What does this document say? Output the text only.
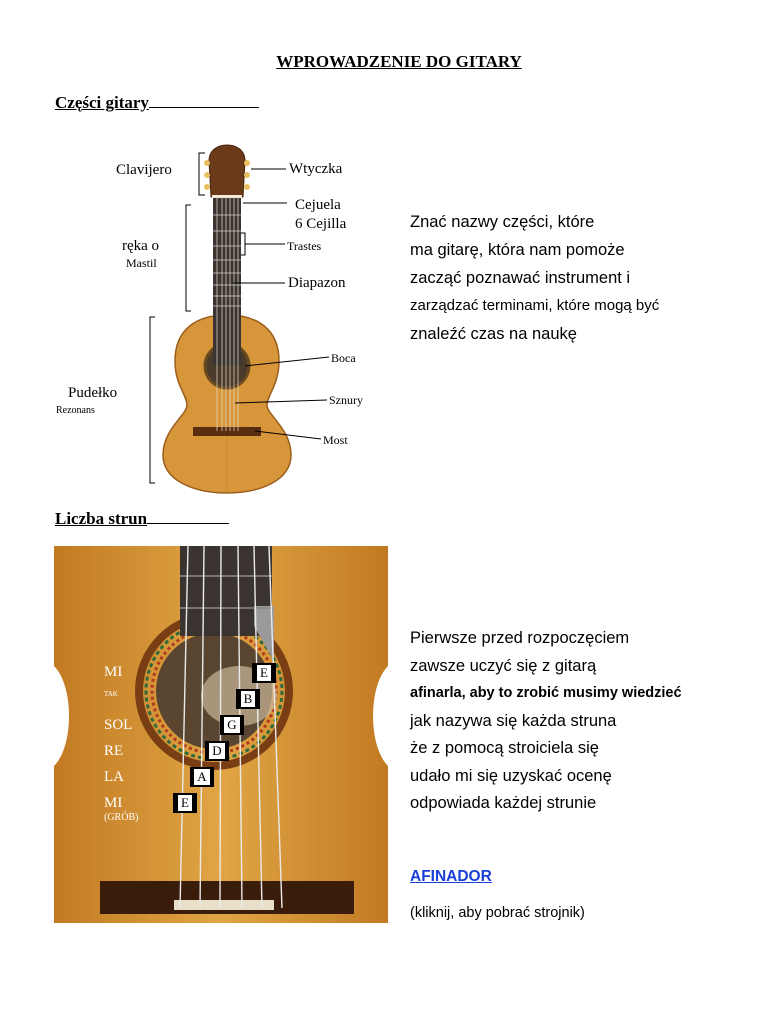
WPROWADZENIE DO GITARY
Części gitary
Clavijero	Wtyczka
Cejuela
6 Cejilla
ręka o
Mastil
Trastes
Diapazon
Boca
Pudełko
Rezonans
Sznury
Most
Znać nazwy części, które
ma gitarę, która nam pomoże
zacząć poznawać instrument i
zarządzać terminami, które mogą być
znaleźć czas na naukę
Liczba strun
MI
TAK
SOL
RE
LA
MI
(GRÓB)
E
B
G
D
A
E
Pierwsze przed rozpoczęciem
zawsze uczyć się z gitarą
afinarla, aby to zrobić musimy wiedzieć
jak nazywa się każda struna
że z pomocą stroiciela się
udało mi się uzyskać ocenę
odpowiada każdej strunie
AFINADOR
(kliknij, aby pobrać strojnik)
